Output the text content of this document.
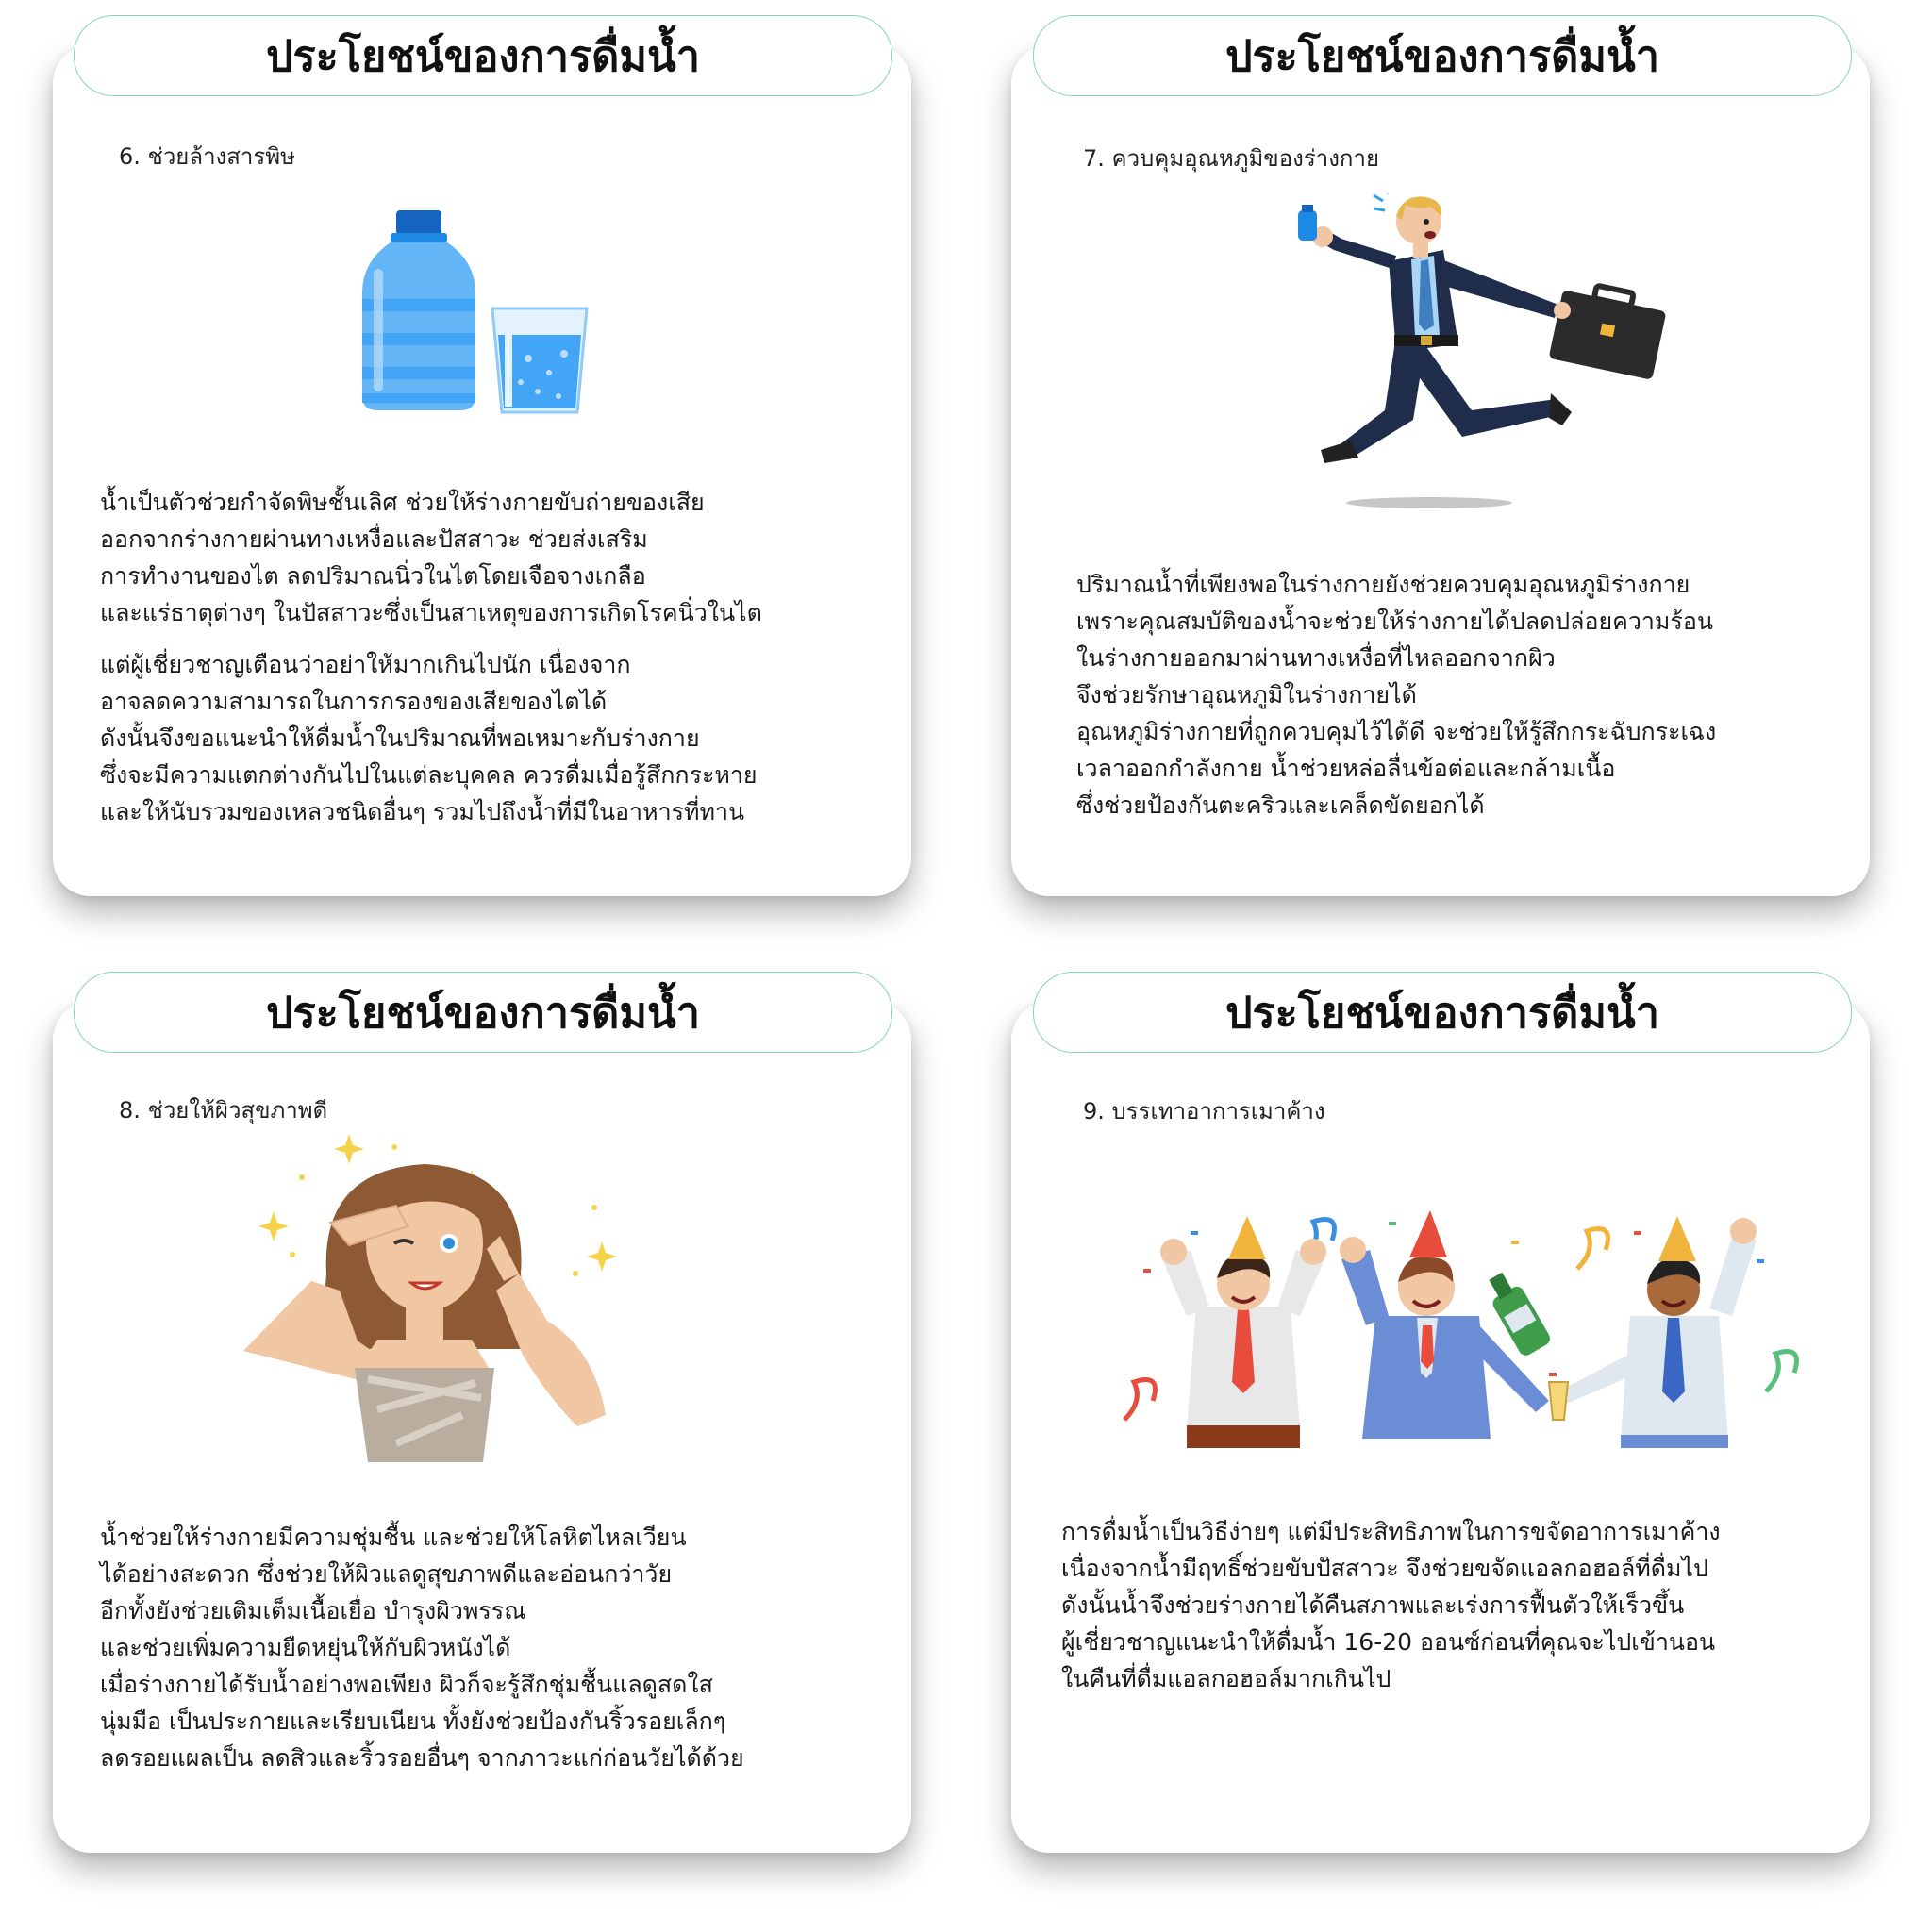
ประโยชน์ของการดื่มน้ำ
6. ช่วยล้างสารพิษ
น้ำเป็นตัวช่วยกำจัดพิษชั้นเลิศ ช่วยให้ร่างกายขับถ่ายของเสีย
ออกจากร่างกายผ่านทางเหงื่อและปัสสาวะ ช่วยส่งเสริม
การทำงานของไต ลดปริมาณนิ่วในไตโดยเจือจางเกลือ
และแร่ธาตุต่างๆ ในปัสสาวะซึ่งเป็นสาเหตุของการเกิดโรคนิ่วในไต
แต่ผู้เชี่ยวชาญเตือนว่าอย่าให้มากเกินไปนัก เนื่องจาก
อาจลดความสามารถในการกรองของเสียของไตได้
ดังนั้นจึงขอแนะนำให้ดื่มน้ำในปริมาณที่พอเหมาะกับร่างกาย
ซึ่งจะมีความแตกต่างกันไปในแต่ละบุคคล ควรดื่มเมื่อรู้สึกกระหาย
และให้นับรวมของเหลวชนิดอื่นๆ รวมไปถึงน้ำที่มีในอาหารที่ทาน
ประโยชน์ของการดื่มน้ำ
7. ควบคุมอุณหภูมิของร่างกาย
ปริมาณน้ำที่เพียงพอในร่างกายยังช่วยควบคุมอุณหภูมิร่างกาย
เพราะคุณสมบัติของน้ำจะช่วยให้ร่างกายได้ปลดปล่อยความร้อน
ในร่างกายออกมาผ่านทางเหงื่อที่ไหลออกจากผิว
จึงช่วยรักษาอุณหภูมิในร่างกายได้
อุณหภูมิร่างกายที่ถูกควบคุมไว้ได้ดี จะช่วยให้รู้สึกกระฉับกระเฉง
เวลาออกกำลังกาย น้ำช่วยหล่อลื่นข้อต่อและกล้ามเนื้อ
ซึ่งช่วยป้องกันตะคริวและเคล็ดขัดยอกได้
ประโยชน์ของการดื่มน้ำ
8. ช่วยให้ผิวสุขภาพดี
น้ำช่วยให้ร่างกายมีความชุ่มชื้น และช่วยให้โลหิตไหลเวียน
ได้อย่างสะดวก ซึ่งช่วยให้ผิวแลดูสุขภาพดีและอ่อนกว่าวัย
อีกทั้งยังช่วยเติมเต็มเนื้อเยื่อ บำรุงผิวพรรณ
และช่วยเพิ่มความยืดหยุ่นให้กับผิวหนังได้
เมื่อร่างกายได้รับน้ำอย่างพอเพียง ผิวก็จะรู้สึกชุ่มชื้นแลดูสดใส
นุ่มมือ เป็นประกายและเรียบเนียน ทั้งยังช่วยป้องกันริ้วรอยเล็กๆ
ลดรอยแผลเป็น ลดสิวและริ้วรอยอื่นๆ จากภาวะแก่ก่อนวัยได้ด้วย
ประโยชน์ของการดื่มน้ำ
9. บรรเทาอาการเมาค้าง
การดื่มน้ำเป็นวิธีง่ายๆ แต่มีประสิทธิภาพในการขจัดอาการเมาค้าง
เนื่องจากน้ำมีฤทธิ์ช่วยขับปัสสาวะ จึงช่วยขจัดแอลกอฮอล์ที่ดื่มไป
ดังนั้นน้ำจึงช่วยร่างกายได้คืนสภาพและเร่งการฟื้นตัวให้เร็วขึ้น
ผู้เชี่ยวชาญแนะนำให้ดื่มน้ำ 16-20 ออนซ์ก่อนที่คุณจะไปเข้านอน
ในคืนที่ดื่มแอลกอฮอล์มากเกินไป
